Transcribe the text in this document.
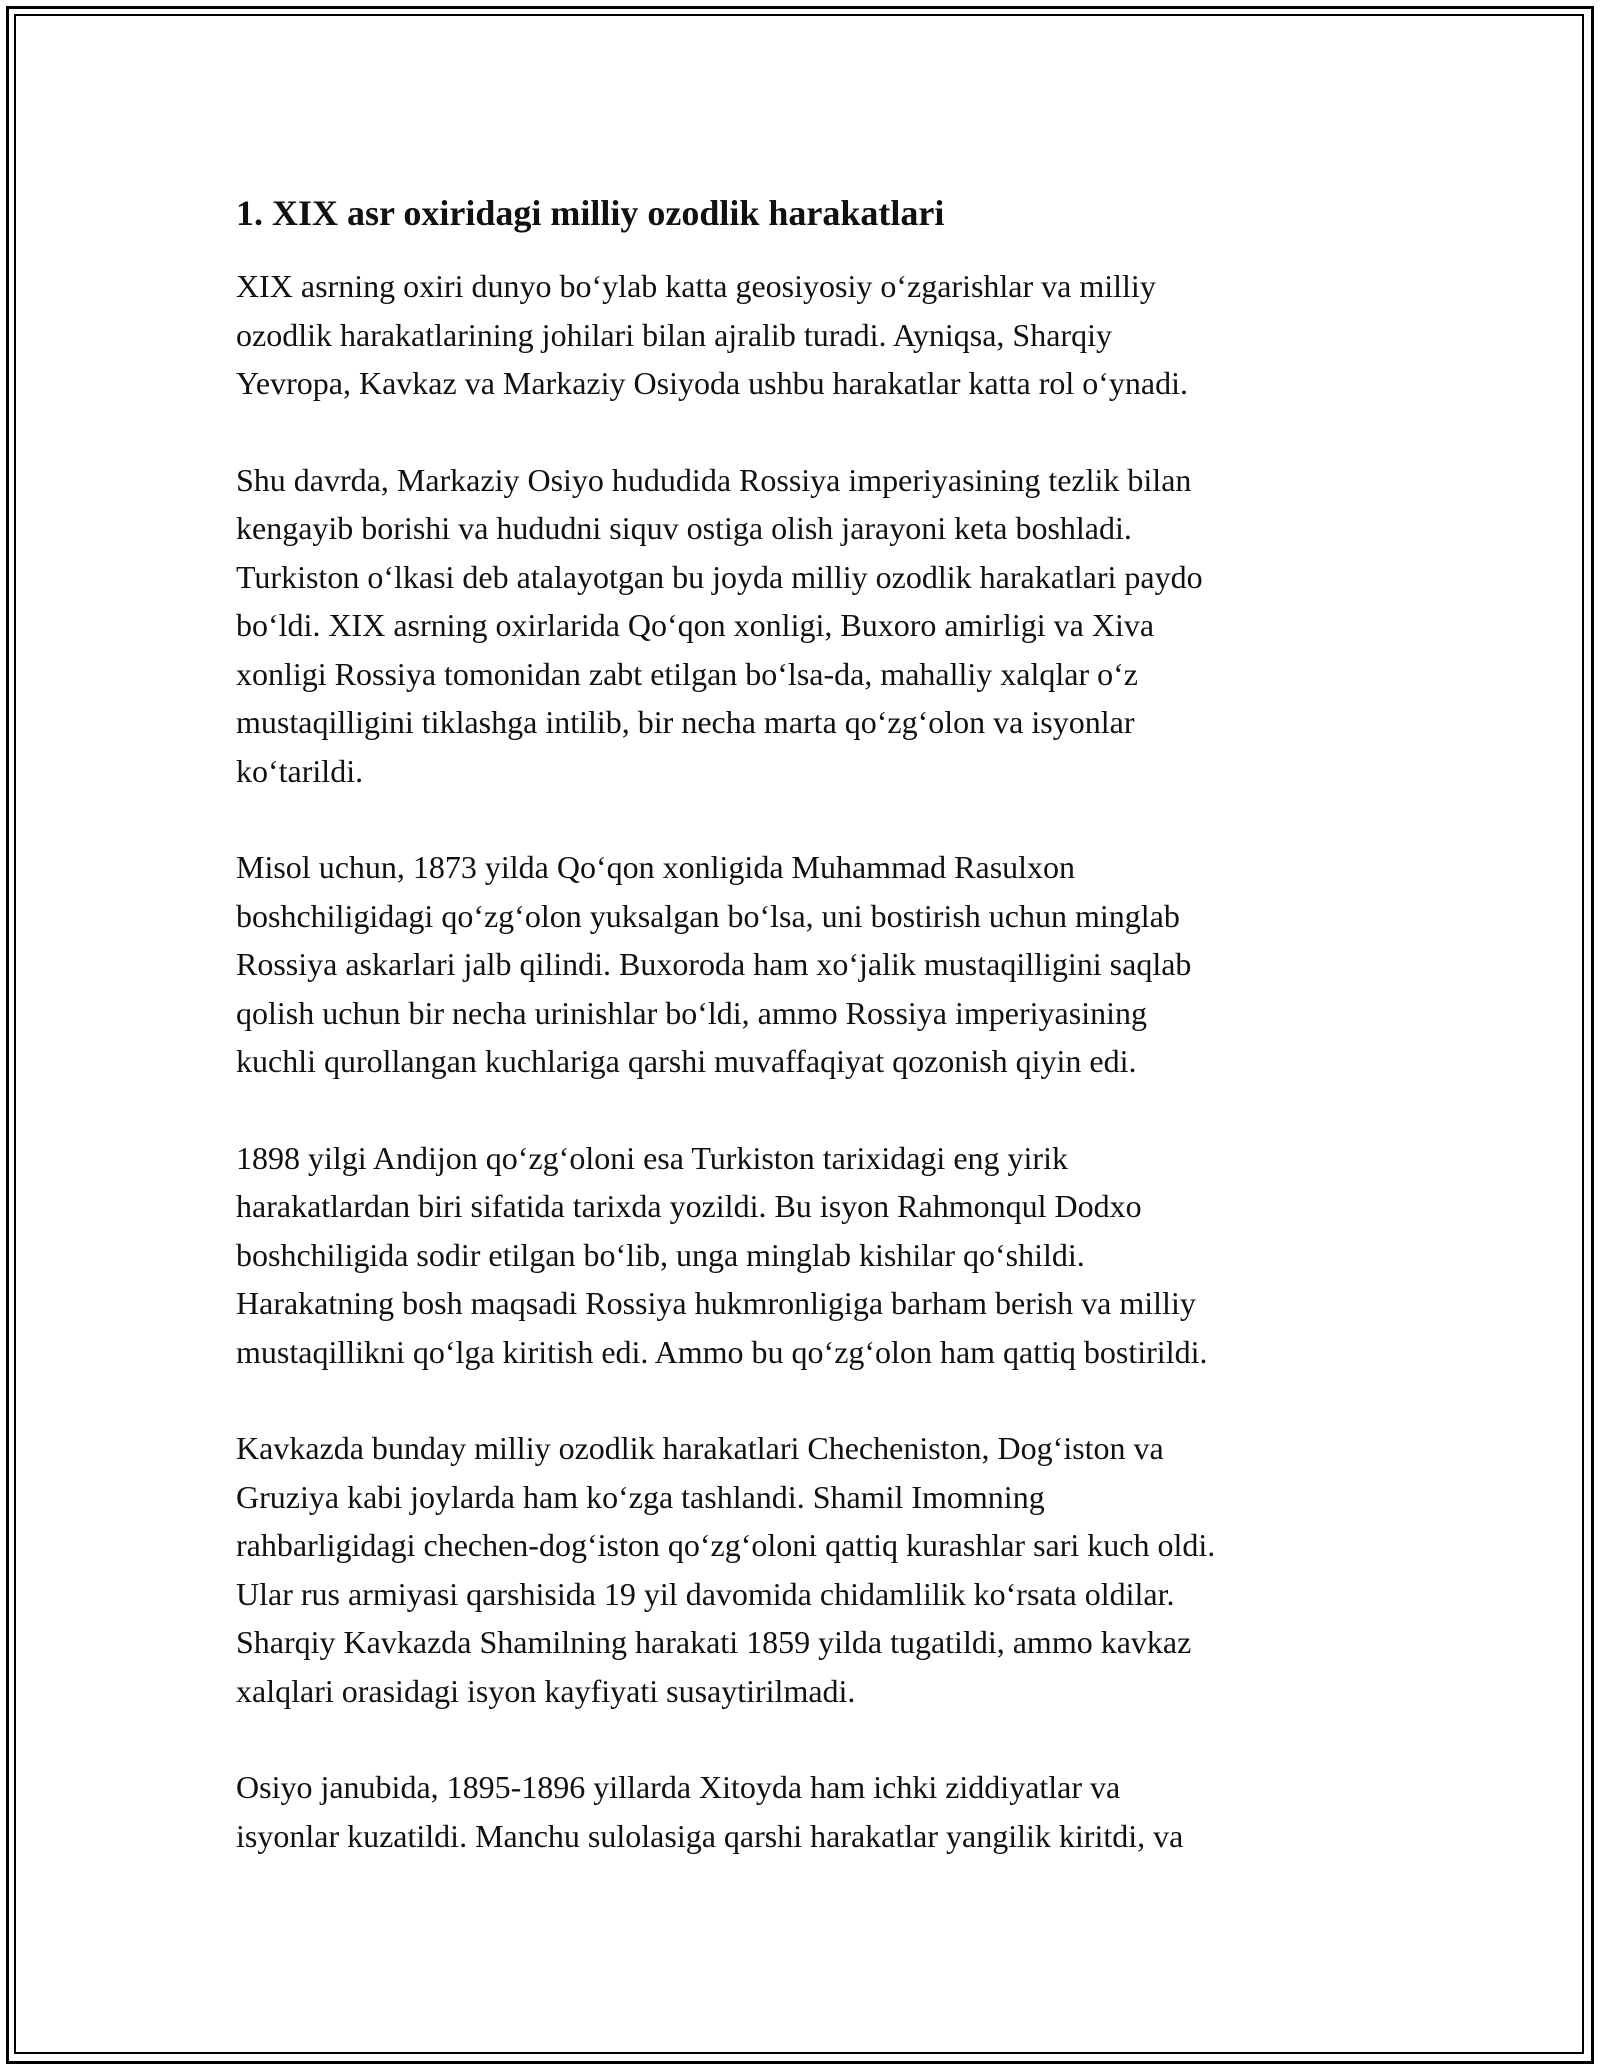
1. XIX asr oxiridagi milliy ozodlik harakatlari

XIX asrning oxiri dunyo boʻylab katta geosiyosiy oʻzgarishlar va milliy
ozodlik harakatlarining johilari bilan ajralib turadi. Ayniqsa, Sharqiy
Yevropa, Kavkaz va Markaziy Osiyoda ushbu harakatlar katta rol oʻynadi.

Shu davrda, Markaziy Osiyo hududida Rossiya imperiyasining tezlik bilan
kengayib borishi va hududni siquv ostiga olish jarayoni keta boshladi.
Turkiston oʻlkasi deb atalayotgan bu joyda milliy ozodlik harakatlari paydo
boʻldi. XIX asrning oxirlarida Qoʻqon xonligi, Buxoro amirligi va Xiva
xonligi Rossiya tomonidan zabt etilgan boʻlsa-da, mahalliy xalqlar oʻz
mustaqilligini tiklashga intilib, bir necha marta qoʻzgʻolon va isyonlar
koʻtarildi.

Misol uchun, 1873 yilda Qoʻqon xonligida Muhammad Rasulxon
boshchiligidagi qoʻzgʻolon yuksalgan boʻlsa, uni bostirish uchun minglab
Rossiya askarlari jalb qilindi. Buxoroda ham xoʻjalik mustaqilligini saqlab
qolish uchun bir necha urinishlar boʻldi, ammo Rossiya imperiyasining
kuchli qurollangan kuchlariga qarshi muvaffaqiyat qozonish qiyin edi.

1898 yilgi Andijon qoʻzgʻoloni esa Turkiston tarixidagi eng yirik
harakatlardan biri sifatida tarixda yozildi. Bu isyon Rahmonqul Dodxo
boshchiligida sodir etilgan boʻlib, unga minglab kishilar qoʻshildi.
Harakatning bosh maqsadi Rossiya hukmronligiga barham berish va milliy
mustaqillikni qoʻlga kiritish edi. Ammo bu qoʻzgʻolon ham qattiq bostirildi.

Kavkazda bunday milliy ozodlik harakatlari Checheniston, Dogʻiston va
Gruziya kabi joylarda ham koʻzga tashlandi. Shamil Imomning
rahbarligidagi chechen-dogʻiston qoʻzgʻoloni qattiq kurashlar sari kuch oldi.
Ular rus armiyasi qarshisida 19 yil davomida chidamlilik koʻrsata oldilar.
Sharqiy Kavkazda Shamilning harakati 1859 yilda tugatildi, ammo kavkaz
xalqlari orasidagi isyon kayfiyati susaytirilmadi.

Osiyo janubida, 1895-1896 yillarda Xitoyda ham ichki ziddiyatlar va
isyonlar kuzatildi. Manchu sulolasiga qarshi harakatlar yangilik kiritdi, va
